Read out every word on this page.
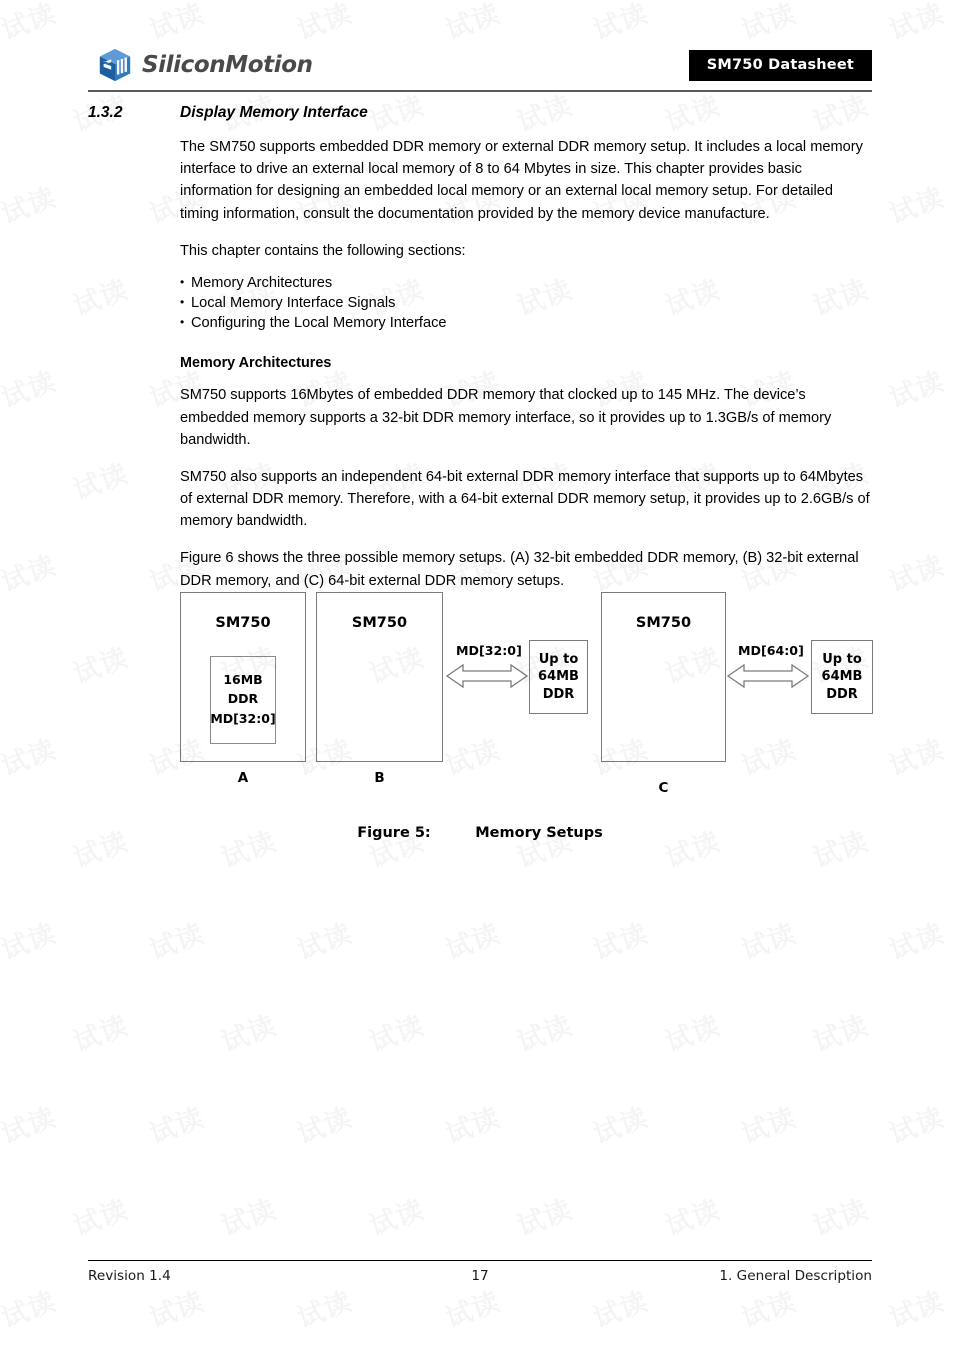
SiliconMotion	SM750 Datasheet
1.3.2	Display Memory Interface

The SM750 supports embedded DDR memory or external DDR memory setup. It includes a local memory interface to drive an external local memory of 8 to 64 Mbytes in size. This chapter provides basic information for designing an embedded local memory or an external local memory setup. For detailed timing information, consult the documentation provided by the memory device manufacture.

This chapter contains the following sections:

• Memory Architectures
• Local Memory Interface Signals
• Configuring the Local Memory Interface
Memory Architectures

SM750 supports 16Mbytes of embedded DDR memory that clocked up to 145 MHz. The device’s embedded memory supports a 32-bit DDR memory interface, so it provides up to 1.3GB/s of memory bandwidth.

SM750 also supports an independent 64-bit external DDR memory interface that supports up to 64Mbytes of external DDR memory. Therefore, with a 64-bit external DDR memory setup, it provides up to 2.6GB/s of memory bandwidth.

Figure 6 shows the three possible memory setups. (A) 32-bit embedded DDR memory, (B) 32-bit external DDR memory, and (C) 64-bit external DDR memory setups.

SM750
16MB
DDR
MD[32:0]
A
SM750
MD[32:0]
Up to
64MB
DDR
B
SM750
MD[64:0]
Up to
64MB
DDR
C
Figure 5:	Memory Setups
Revision 1.4	17	1. General Description
